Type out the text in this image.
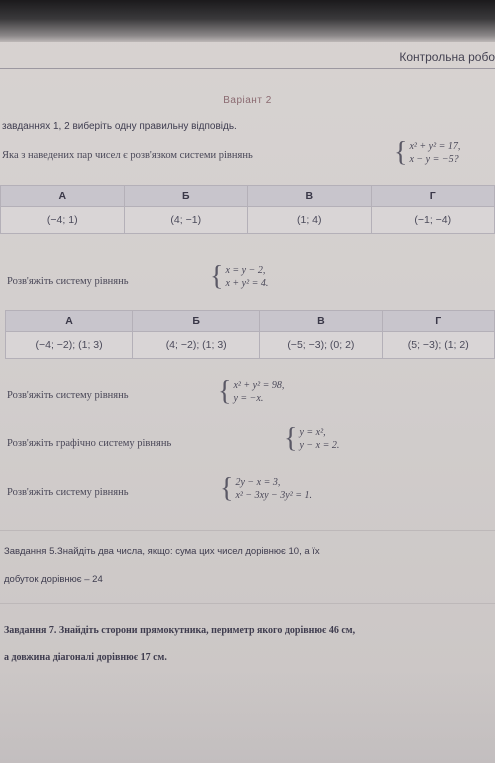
Контрольна робо
Варіант 2
завданнях 1, 2 виберіть одну правильну відповідь.
Яка з наведених пар чисел є розв'язком системи рівнянь	{ x² + y² = 17,
x − y = −5?
А	Б	В	Г
(−4; 1)	(4; −1)	(1; 4)	(−1; −4)
Розв'яжіть систему рівнянь	{ x = y − 2,
x + y² = 4.
А	Б	В	Г
(−4; −2); (1; 3)	(4; −2); (1; 3)	(−5; −3); (0; 2)	(5; −3); (1; 2)
Розв'яжіть систему рівнянь	{ x² + y² = 98,
y = −x.
Розв'яжіть графічно систему рівнянь	{ y = x²,
y − x = 2.
Розв'яжіть систему рівнянь	{ 2y − x = 3,
x² − 3xy − 3y² = 1.
Завдання 5.Знайдіть два числа, якщо: сума цих чисел дорівнює 10, а їх
добуток дорівнює – 24
Завдання 7. Знайдіть сторони прямокутника, периметр якого дорівнює 46 см,
а довжина діагоналі дорівнює 17 см.
